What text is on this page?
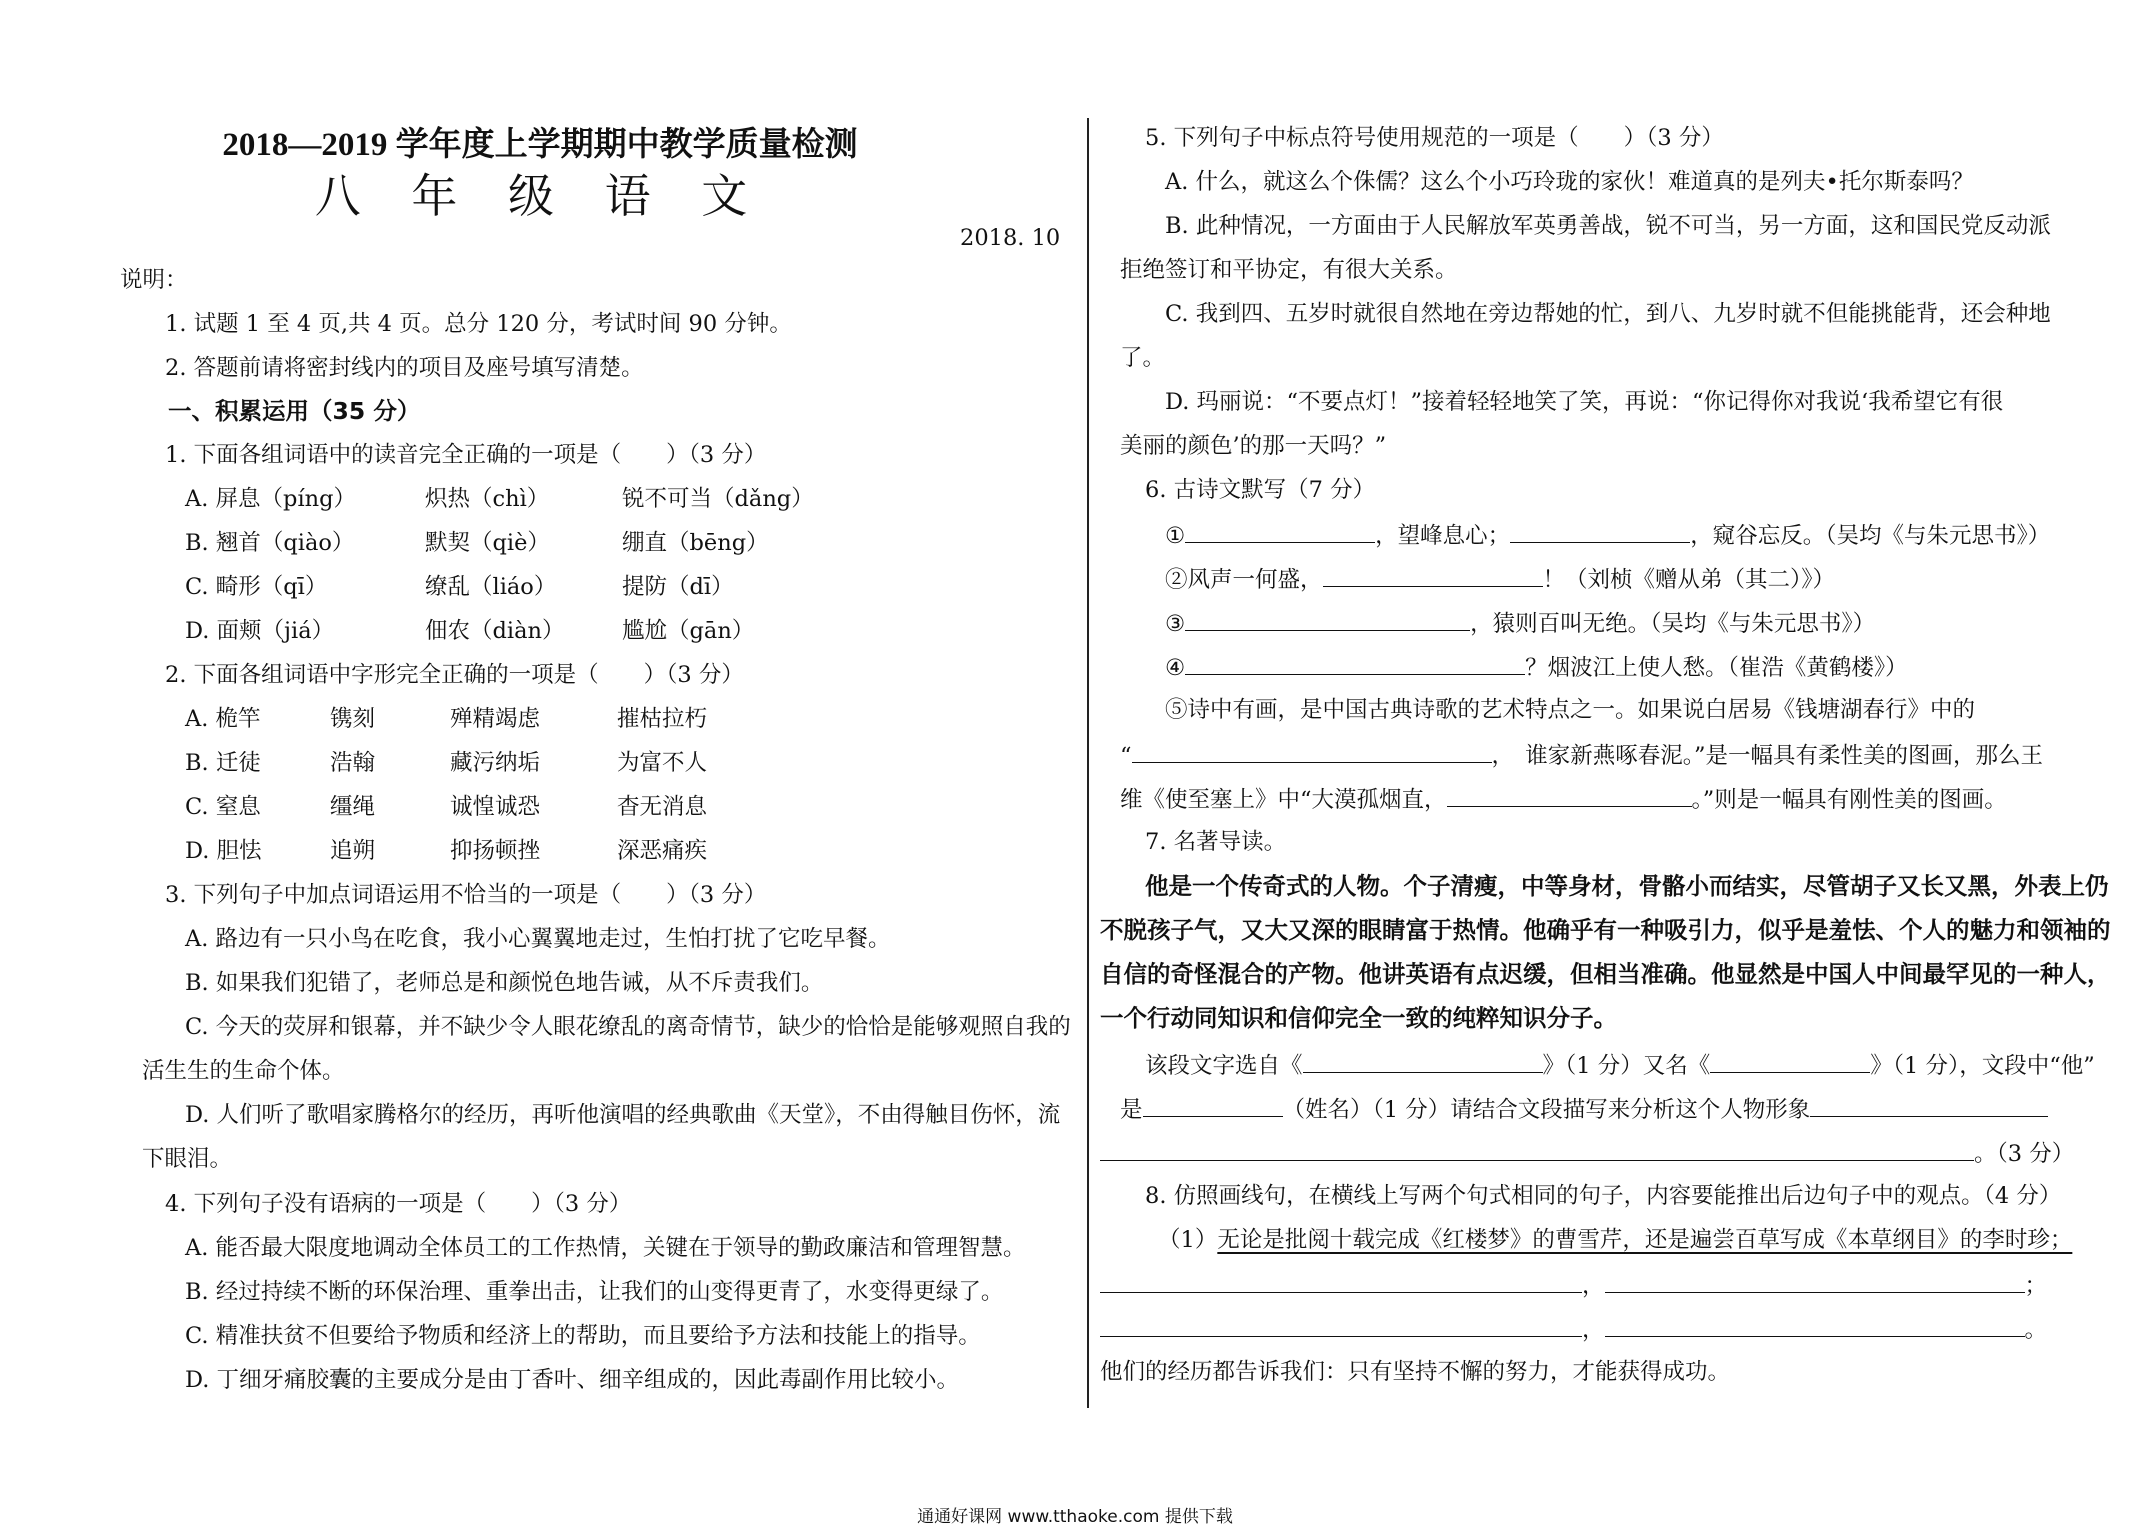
2018—2019 学年度上学期期中教学质量检测
八 年 级 语 文
2018. 10
说明：
1. 试题 1 至 4 页,共 4 页。总分 120 分，考试时间 90 分钟。
2. 答题前请将密封线内的项目及座号填写清楚。
一、积累运用（35 分）
1. 下面各组词语中的读音完全正确的一项是（　　）（3 分）
A. 屏息（píng）	炽热（chì）	锐不可当（dǎng）
B. 翘首（qiào）	默契（qiè）	绷直（bēng）
C. 畸形（qī）	缭乱（liáo）	提防（dī）
D. 面颊（jiá）	佃农（diàn）	尴尬（gān）
2. 下面各组词语中字形完全正确的一项是（　　）（3 分）
A. 桅竿	镌刻	殚精竭虑	摧枯拉朽
B. 迁徒	浩翰	藏污纳垢	为富不人
C. 窒息	缰绳	诚惶诚恐	杳无消息
D. 胆怯	追朔	抑扬顿挫	深恶痛疾
3. 下列句子中加点词语运用不恰当的一项是（　　）（3 分）
A. 路边有一只小鸟在吃食，我小心翼翼地走过，生怕打扰了它吃早餐。
B. 如果我们犯错了，老师总是和颜悦色地告诫，从不斥责我们。
C. 今天的荧屏和银幕，并不缺少令人眼花缭乱的离奇情节，缺少的恰恰是能够观照自我的
活生生的生命个体。
D. 人们听了歌唱家腾格尔的经历，再听他演唱的经典歌曲《天堂》，不由得触目伤怀，流
下眼泪。
4. 下列句子没有语病的一项是（　　）（3 分）
A. 能否最大限度地调动全体员工的工作热情，关键在于领导的勤政廉洁和管理智慧。
B. 经过持续不断的环保治理、重拳出击，让我们的山变得更青了，水变得更绿了。
C. 精准扶贫不但要给予物质和经济上的帮助，而且要给予方法和技能上的指导。
D. 丁细牙痛胶囊的主要成分是由丁香叶、细辛组成的，因此毒副作用比较小。
5. 下列句子中标点符号使用规范的一项是（　　）（3 分）
A. 什么，就这么个侏儒？这么个小巧玲珑的家伙！难道真的是列夫•托尔斯泰吗？
B. 此种情况，一方面由于人民解放军英勇善战，锐不可当，另一方面，这和国民党反动派
拒绝签订和平协定，有很大关系。
C. 我到四、五岁时就很自然地在旁边帮她的忙，到八、九岁时就不但能挑能背，还会种地
了。
D. 玛丽说：“不要点灯！”接着轻轻地笑了笑，再说：“你记得你对我说‘我希望它有很
美丽的颜色’的那一天吗？”
6. 古诗文默写（7 分）
①	，望峰息心；	，窥谷忘反。（吴均《与朱元思书》）
②风声一何盛，	！（刘桢《赠从弟（其二）》）
③	，猿则百叫无绝。（吴均《与朱元思书》）
④	？烟波江上使人愁。（崔浩《黄鹤楼》）
⑤诗中有画，是中国古典诗歌的艺术特点之一。如果说白居易《钱塘湖春行》中的
“	，　谁家新燕啄春泥。”是一幅具有柔性美的图画，那么王
维《使至塞上》中“大漠孤烟直，	。”则是一幅具有刚性美的图画。
7. 名著导读。
他是一个传奇式的人物。个子清瘦，中等身材，骨骼小而结实，尽管胡子又长又黑，外表上仍
不脱孩子气，又大又深的眼睛富于热情。他确乎有一种吸引力，似乎是羞怯、个人的魅力和领袖的
自信的奇怪混合的产物。他讲英语有点迟缓，但相当准确。他显然是中国人中间最罕见的一种人，
一个行动同知识和信仰完全一致的纯粹知识分子。
该段文字选自《	》（1 分）又名《	》（1 分），文段中“他”
是	（姓名）（1 分）请结合文段描写来分析这个人物形象
。（3 分）
8. 仿照画线句，在横线上写两个句式相同的句子，内容要能推出后边句子中的观点。（4 分）
（1）无论是批阅十载完成《红楼梦》的曹雪芹，还是遍尝百草写成《本草纲目》的李时珍；
，	；
，	。
他们的经历都告诉我们：只有坚持不懈的努力，才能获得成功。
通通好课网 www.tthaoke.com 提供下载
